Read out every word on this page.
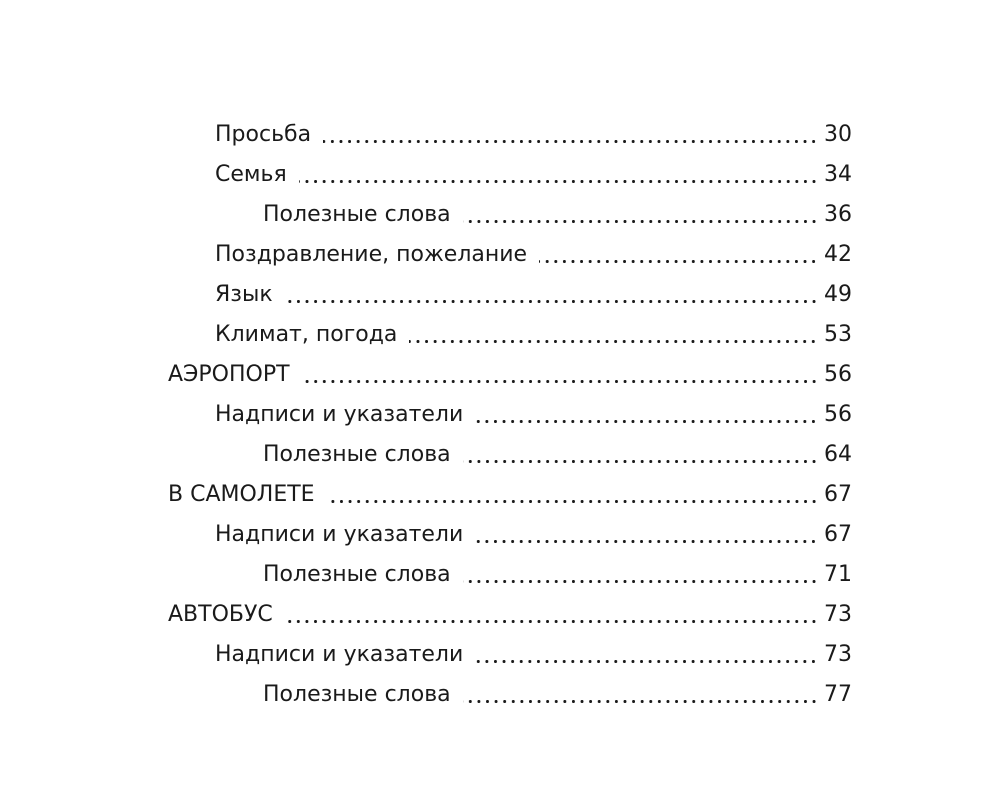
Просьба	30
Семья	34
Полезные слова	36
Поздравление, пожелание	42
Язык	49
Климат, погода	53
АЭРОПОРТ	56
Надписи и указатели	56
Полезные слова	64
В САМОЛЕТЕ	67
Надписи и указатели	67
Полезные слова	71
АВТОБУС	73
Надписи и указатели	73
Полезные слова	77
